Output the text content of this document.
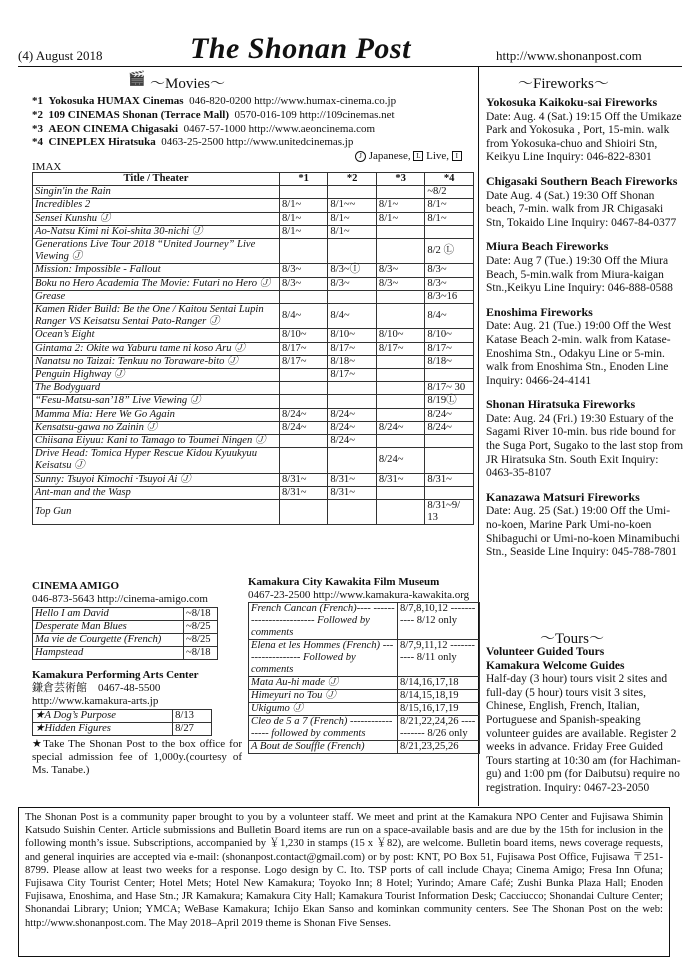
(4) August 2018	The Shonan Post	http://www.shonanpost.com
🎬 ～Movies～
*1 Yokosuka HUMAX Cinemas 046-820-0200 http://www.humax-cinema.co.jp
*2 109 CINEMAS Shonan (Terrace Mall) 0570-016-109 http://109cinemas.net
*3 AEON CINEMA Chigasaki 0467-57-1000 http://www.aeoncinema.com
*4 CINEPLEX Hiratsuka 0463-25-2500 http://www.unitedcinemas.jp
J Japanese, L Live, I
IMAX
Title / Theater	*1	*2	*3	*4
Singin'in the Rain				~8/2
Incredibles 2	8/1~	8/1~~	8/1~	8/1~
Sensei Kunshu Ⓙ	8/1~	8/1~	8/1~	8/1~
Ao-Natsu Kimi ni Koi-shita 30-nichi Ⓙ	8/1~	8/1~		
Generations Live Tour 2018 “United Journey” Live Viewing Ⓙ				8/2 Ⓛ
Mission: Impossible - Fallout	8/3~	8/3~Ⓘ	8/3~	8/3~
Boku no Hero Academia The Movie: Futari no Hero Ⓙ	8/3~	8/3~	8/3~	8/3~
Grease				8/3~16
Kamen Rider Build: Be the One / Kaitou Sentai Lupin Ranger VS Keisatsu Sentai Pato-Ranger Ⓙ	8/4~	8/4~		8/4~
Ocean’s Eight	8/10~	8/10~	8/10~	8/10~
Gintama 2: Okite wa Yaburu tame ni koso Aru Ⓙ	8/17~	8/17~	8/17~	8/17~
Nanatsu no Taizai: Tenkuu no Toraware-bito Ⓙ	8/17~	8/18~		8/18~
Penguin Highway Ⓙ		8/17~		
The Bodyguard				8/17~ 30
“Fesu-Matsu-san’18” Live Viewing Ⓙ				8/19Ⓛ
Mamma Mia: Here We Go Again	8/24~	8/24~		8/24~
Kensatsu-gawa no Zainin Ⓙ	8/24~	8/24~	8/24~	8/24~
Chiisana Eiyuu: Kani to Tamago to Toumei Ningen Ⓙ		8/24~		
Drive Head: Tomica Hyper Rescue Kidou Kyuukyuu Keisatsu Ⓙ			8/24~	
Sunny: Tsuyoi Kimochi ·Tsuyoi Ai Ⓙ	8/31~	8/31~	8/31~	8/31~
Ant-man and the Wasp	8/31~	8/31~		
Top Gun				8/31~9/ 13
CINEMA AMIGO
046-873-5643 http://cinema-amigo.com
Hello I am David	~8/18
Desperate Man Blues	~8/25
Ma vie de Courgette (French)	~8/25
Hampstead	~8/18
Kamakura Performing Arts Center
鎌倉芸術館 0467-48-5500
http://www.kamakura-arts.jp
★A Dog’s Purpose	8/13
★Hidden Figures	8/27
★Take The Shonan Post to the box office for special admission fee of 1,000y.(courtesy of Ms. Tanabe.)
Kamakura City Kawakita Film Museum
0467-23-2500 http://www.kamakura-kawakita.org
French Cancan (French)---- ------------------------ Followed by comments	8/7,8,10,12 ----------- 8/12 only
Elena et les Hommes (French) ----------------- Followed by comments	8/7,9,11,12 ----------- 8/11 only
Mata Au-hi made Ⓙ	8/14,16,17,18
Himeyuri no Tou Ⓙ	8/14,15,18,19
Ukigumo Ⓙ	8/15,16,17,19
Cleo de 5 a 7 (French) ----------------- followed by comments	8/21,22,24,26 ----------- 8/26 only
A Bout de Souffle (French)	8/21,23,25,26
～Fireworks～

Yokosuka Kaikoku-sai Fireworks
Date: Aug. 4 (Sat.) 19:15 Off the Umikaze Park and Yokosuka , Port, 15-min. walk from Yokosuka-chuo and Shioiri Stn, Keikyu Line Inquiry: 046-822-8301

Chigasaki Southern Beach Fireworks
Date Aug. 4 (Sat.) 19:30 Off Shonan beach, 7-min. walk from JR Chigasaki Stn, Tokaido Line Inquiry: 0467-84-0377

Miura Beach Fireworks
Date: Aug 7 (Tue.) 19:30 Off the Miura Beach, 5-min.walk from Miura-kaigan Stn.,Keikyu Line Inquiry: 046-888-0588

Enoshima Fireworks
Date: Aug. 21 (Tue.) 19:00 Off the West Katase Beach 2-min. walk from Katase-Enoshima Stn., Odakyu Line or 5-min. walk from Enoshima Stn., Enoden Line Inquiry: 0466-24-4141

Shonan Hiratsuka Fireworks
Date: Aug. 24 (Fri.) 19:30 Estuary of the Sagami River 10-min. bus ride bound for the Suga Port, Sugako to the last stop from JR Hiratsuka Stn. South Exit Inquiry: 0463-35-8107

Kanazawa Matsuri Fireworks
Date: Aug. 25 (Sat.) 19:00 Off the Umi-no-koen, Marine Park Umi-no-koen Shibaguchi or Umi-no-koen Minamibuchi Stn., Seaside Line Inquiry: 045-788-7801

～Tours～
Volunteer Guided Tours
Kamakura Welcome Guides
Half-day (3 hour) tours visit 2 sites and full-day (5 hour) tours visit 3 sites, Chinese, English, French, Italian, Portuguese and Spanish-speaking volunteer guides are available. Register 2 weeks in advance. Friday Free Guided Tours starting at 10:30 am (for Hachiman-gu) and 1:00 pm (for Daibutsu) require no registration. Inquiry: 0467-23-2050
The Shonan Post is a community paper brought to you by a volunteer staff. We meet and print at the Kamakura NPO Center and Fujisawa Shimin Katsudo Suishin Center. Article submissions and Bulletin Board items are run on a space-available basis and are due by the 15th for inclusion in the following month’s issue. Subscriptions, accompanied by ￥1,230 in stamps (15 x ￥82), are welcome. Bulletin board items, news coverage requests, and general inquiries are accepted via e-mail: (shonanpost.contact@gmail.com) or by post: KNT, PO Box 51, Fujisawa Post Office, Fujisawa 〒251-8799. Please allow at least two weeks for a response. Logo design by C. Ito. TSP ports of call include Chaya; Cinema Amigo; Fresa Inn Ofuna; Fujisawa City Tourist Center; Hotel Mets; Hotel New Kamakura; Toyoko Inn; 8 Hotel; Yurindo; Amare Café; Zushi Bunka Plaza Hall; Enoden Fujisawa, Enoshima, and Hase Stn.; JR Kamakura; Kamakura City Hall; Kamakura Tourist Information Desk; Cacciucco; Shonandai Culture Center; Shonandai Library; Union; YMCA; WeBase Kamakura; Ichijo Ekan Sanso and kominkan community centers. See The Shonan Post on the web: http://www.shonanpost.com. The May 2018–April 2019 theme is Shonan Five Senses.
